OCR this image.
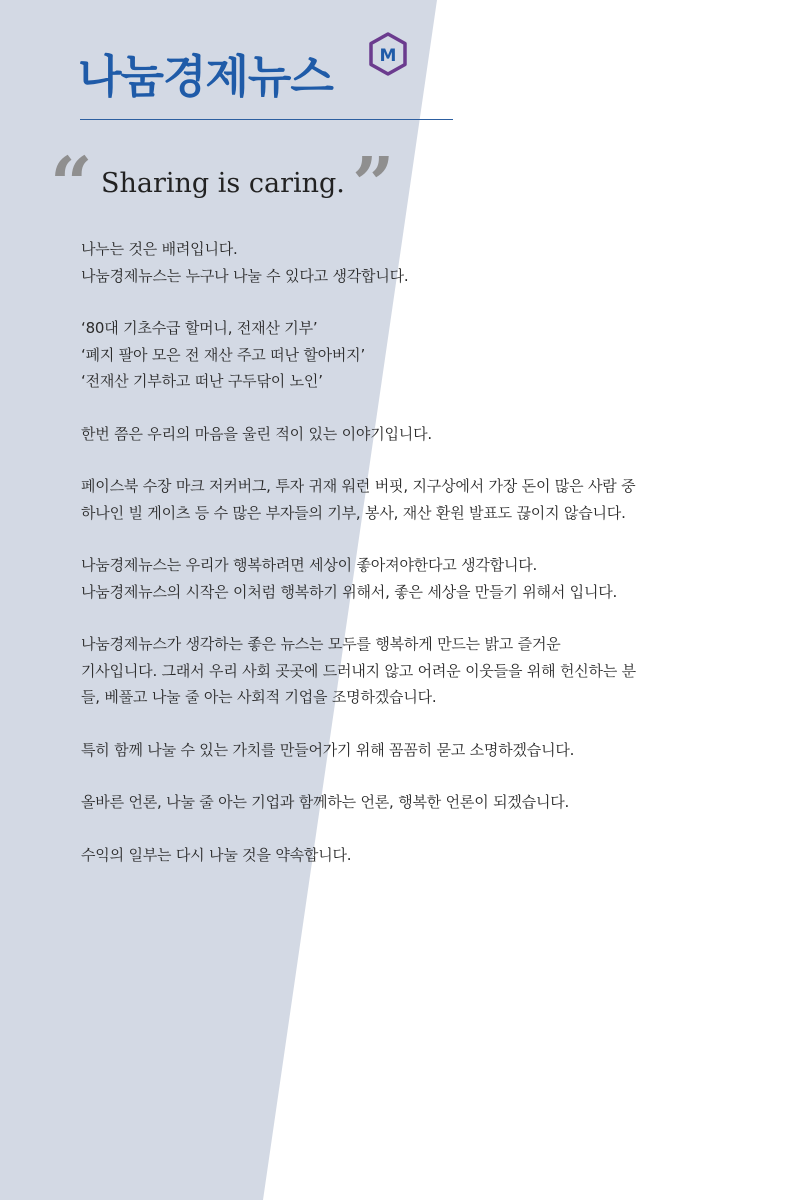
나눔경제뉴스	M
“ Sharing is caring. ”
나누는 것은 배려입니다.
나눔경제뉴스는 누구나 나눌 수 있다고 생각합니다.
‘80대 기초수급 할머니, 전재산 기부’
‘폐지 팔아 모은 전 재산 주고 떠난 할아버지’
‘전재산 기부하고 떠난 구두닦이 노인’
한번 쯤은 우리의 마음을 울린 적이 있는 이야기입니다.
페이스북 수장 마크 저커버그, 투자 귀재 워런 버핏, 지구상에서 가장 돈이 많은 사람 중
하나인 빌 게이츠 등 수 많은 부자들의 기부, 봉사, 재산 환원 발표도 끊이지 않습니다.
나눔경제뉴스는 우리가 행복하려면 세상이 좋아져야한다고 생각합니다.
나눔경제뉴스의 시작은 이처럼 행복하기 위해서, 좋은 세상을 만들기 위해서 입니다.
나눔경제뉴스가 생각하는 좋은 뉴스는 모두를 행복하게 만드는 밝고 즐거운
기사입니다. 그래서 우리 사회 곳곳에 드러내지 않고 어려운 이웃들을 위해 헌신하는 분
들, 베풀고 나눌 줄 아는 사회적 기업을 조명하겠습니다.
특히 함께 나눌 수 있는 가치를 만들어가기 위해 꼼꼼히 묻고 소명하겠습니다.
올바른 언론, 나눌 줄 아는 기업과 함께하는 언론, 행복한 언론이 되겠습니다.
수익의 일부는 다시 나눌 것을 약속합니다.
